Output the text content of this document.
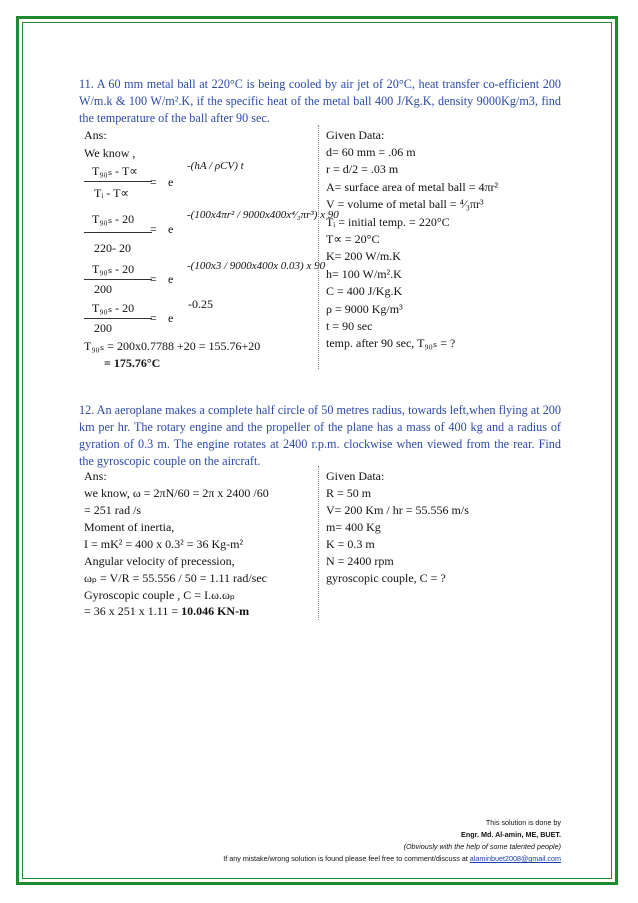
11. A 60 mm metal ball at 220°C is being cooled by air jet of 20°C, heat transfer co-efficient 200 W/m.k & 100 W/m².K, if the specific heat of the metal ball 400 J/Kg.K, density 9000Kg/m3, find the temperature of the ball after 90 sec.
Ans:
We know ,
T₉₀ₛ - T∝
Tᵢ - T∝
= e
-(hA / ρCV) t
T₉₀ₛ - 20
220- 20
= e
-(100x4πr² / 9000x400x⁴⁄₃πr³) x 90
T₉₀ₛ - 20
200
= e
-(100x3 / 9000x400x 0.03) x 90
T₉₀ₛ - 20
200
= e
-0.25
T₉₀ₛ = 200x0.7788 +20 = 155.76+20
= 175.76°C
Given Data:
d= 60 mm = .06 m
r = d/2 = .03 m
A= surface area of metal ball = 4πr²
V = volume of metal ball = ⁴⁄₃πr³
Tᵢ = initial temp. = 220°C
T∝ = 20°C
K= 200 W/m.K
h= 100 W/m².K
C = 400 J/Kg.K
ρ = 9000 Kg/m³
t = 90 sec
temp. after 90 sec, T₉₀ₛ = ?
12. An aeroplane makes a complete half circle of 50 metres radius, towards left,when flying at 200 km per hr. The rotary engine and the propeller of the plane has a mass of 400 kg and a radius of gyration of 0.3 m. The engine rotates at 2400 r.p.m. clockwise when viewed from the rear. Find the gyroscopic couple on the aircraft.
Ans:
we know, ω = 2πN/60 = 2π x 2400 /60
= 251 rad /s
Moment of inertia,
I = mK² = 400 x 0.3² = 36 Kg-m²
Angular velocity of precession,
ωₚ = V/R = 55.556 / 50 = 1.11 rad/sec
Gyroscopic couple , C = I.ω.ωₚ
= 36 x 251 x 1.11 = 10.046 KN-m
Given Data:
R = 50 m
V= 200 Km / hr = 55.556 m/s
m= 400 Kg
K = 0.3 m
N = 2400 rpm
gyroscopic couple, C = ?
This solution is done by
Engr. Md. Al-amin, ME, BUET.
(Obviously with the help of some talented people)
If any mistake/wrong solution is found please feel free to comment/discuss at alaminbuet2008@gmail.com
